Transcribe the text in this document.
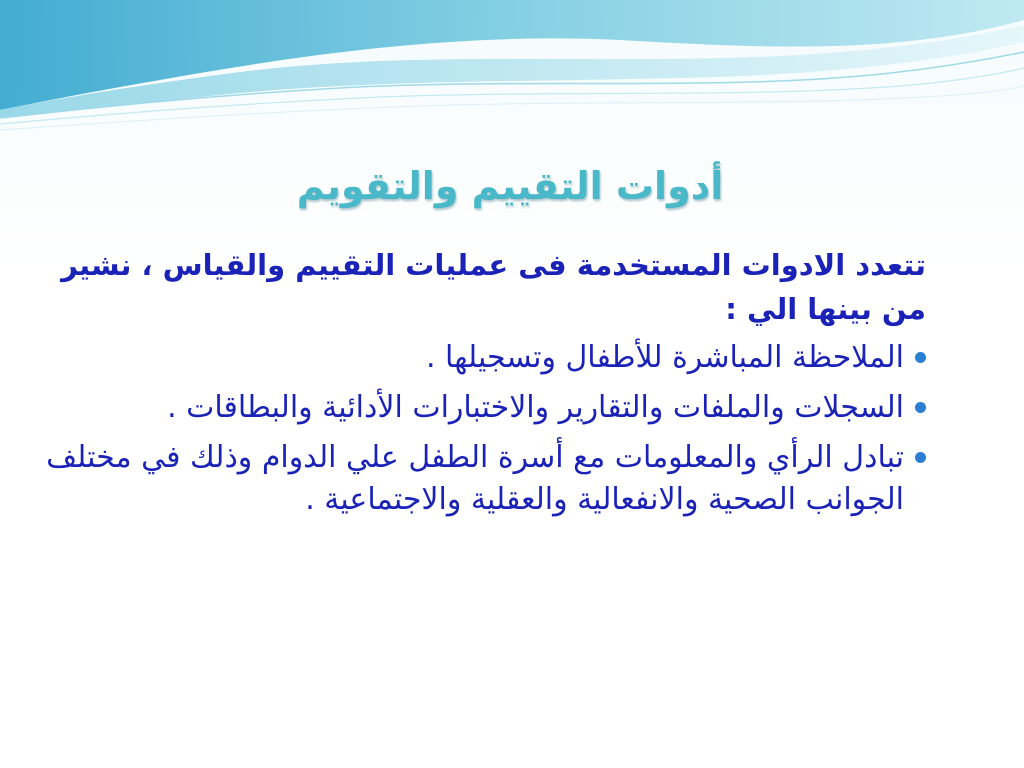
أدوات التقييم والتقويم

تتعدد الادوات المستخدمة فى عمليات التقييم والقياس ، نشير من بينها الي :

الملاحظة المباشرة للأطفال وتسجيلها .
السجلات والملفات والتقارير والاختبارات الأدائية والبطاقات .
تبادل الرأي والمعلومات مع أسرة الطفل علي الدوام وذلك في مختلف الجوانب الصحية والانفعالية والعقلية والاجتماعية .
